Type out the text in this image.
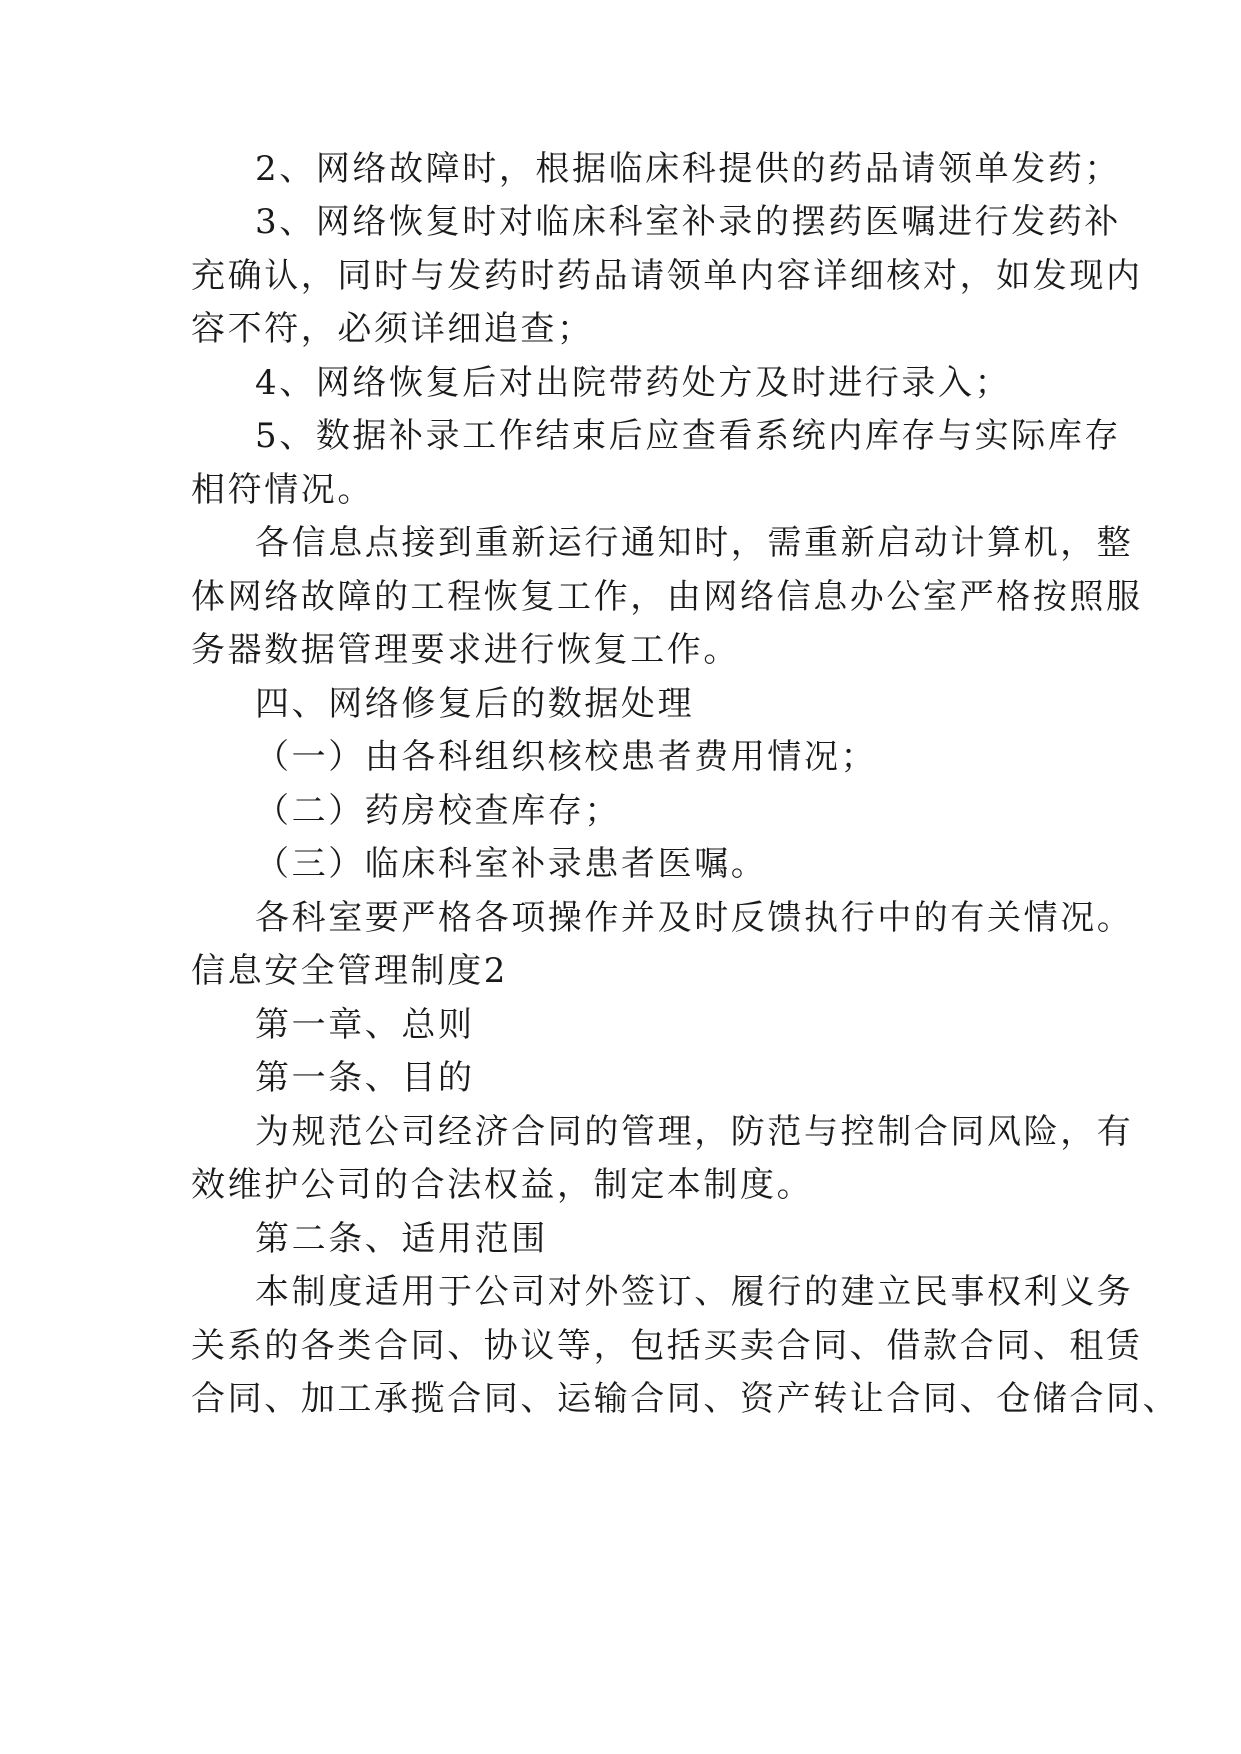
2、网络故障时，根据临床科提供的药品请领单发药；
3、网络恢复时对临床科室补录的摆药医嘱进行发药补
充确认，同时与发药时药品请领单内容详细核对，如发现内
容不符，必须详细追查；
4、网络恢复后对出院带药处方及时进行录入；
5、数据补录工作结束后应查看系统内库存与实际库存
相符情况。
各信息点接到重新运行通知时，需重新启动计算机，整
体网络故障的工程恢复工作，由网络信息办公室严格按照服
务器数据管理要求进行恢复工作。
四、网络修复后的数据处理
（一）由各科组织核校患者费用情况；
（二）药房校查库存；
（三）临床科室补录患者医嘱。
各科室要严格各项操作并及时反馈执行中的有关情况。
信息安全管理制度2
第一章、总则
第一条、目的
为规范公司经济合同的管理，防范与控制合同风险，有
效维护公司的合法权益，制定本制度。
第二条、适用范围
本制度适用于公司对外签订、履行的建立民事权利义务
关系的各类合同、协议等，包括买卖合同、借款合同、租赁
合同、加工承揽合同、运输合同、资产转让合同、仓储合同、
